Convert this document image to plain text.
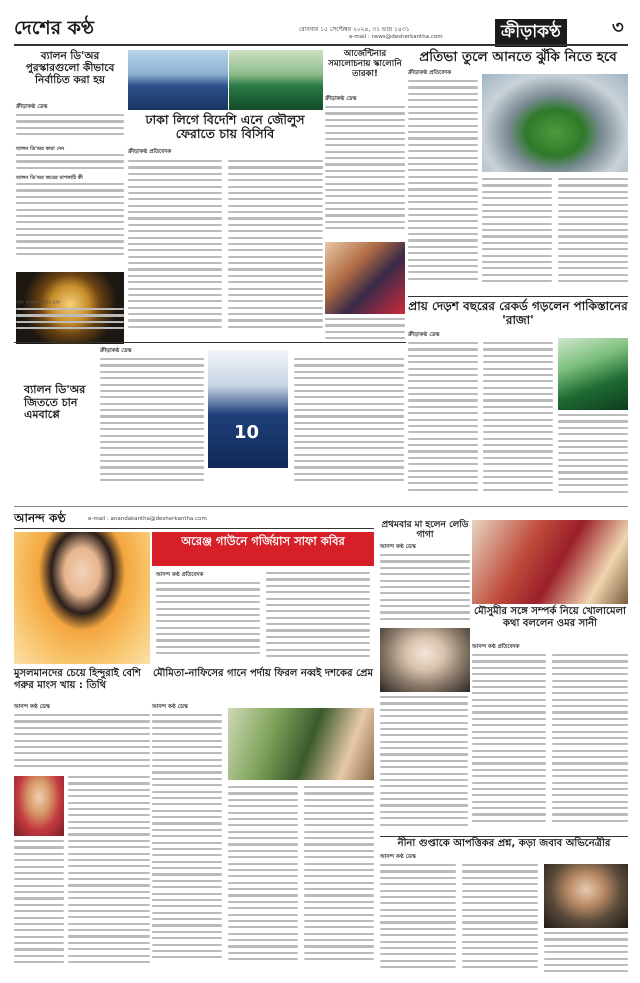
দেশের কণ্ঠ	রোববার ১৫ সেপ্টেম্বর ২০২৪, ৩১ ভাদ্র ১৪৩১
e-mail : news@desherkantha.com	ক্রীড়াকণ্ঠ	৩
ব্যালন ডি'অর পুরস্কারগুলো কীভাবে নির্বাচিত করা হয়
ক্রীড়াকণ্ঠ ডেস্ক
ব্যালন ডি'অর কারা দেন
ব্যালন ডি'অর জয়ের মাপকাঠি কী
ছবি: ব্যালন ডি'অর ট্রফি
আর্জেন্টিনার সমালোচনায় স্কালোনি তারকা!
ক্রীড়াকণ্ঠ ডেস্ক
ঢাকা লিগে বিদেশি এনে জৌলুস ফেরাতে চায় বিসিবি
ক্রীড়াকণ্ঠ প্রতিবেদক
প্রতিভা তুলে আনতে ঝুঁকি নিতে হবে
ক্রীড়াকণ্ঠ প্রতিবেদক
প্রায় দেড়শ বছরের রেকর্ড গড়লেন পাকিস্তানের 'রাজা'
ক্রীড়াকণ্ঠ ডেস্ক
ব্যালন ডি'অর জিততে চান এমবাপ্পে
ক্রীড়াকণ্ঠ ডেস্ক
10
আনন্দ কণ্ঠ	e-mail : anandakantha@desherkantha.com
অরেঞ্জ গাউনে গর্জিয়াস সাফা কবির
আনন্দ কণ্ঠ প্রতিবেদক
প্রথমবার মা হলেন লেডি গাগা
আনন্দ কণ্ঠ ডেস্ক
মৌসুমীর সঙ্গে সম্পর্ক নিয়ে খোলামেলা কথা বললেন ওমর সানী
আনন্দ কণ্ঠ প্রতিবেদক
মুসলমানদের চেয়ে হিন্দুরাই বেশি গরুর মাংস খায় : তিথি
আনন্দ কণ্ঠ ডেস্ক
মৌমিতা-নাফিসের গানে পর্দায় ফিরল নব্বই দশকের প্রেম
আনন্দ কণ্ঠ ডেস্ক
নীনা গুপ্তাকে আপত্তিকর প্রশ্ন, কড়া জবাব অভিনেত্রীর
আনন্দ কণ্ঠ ডেস্ক
